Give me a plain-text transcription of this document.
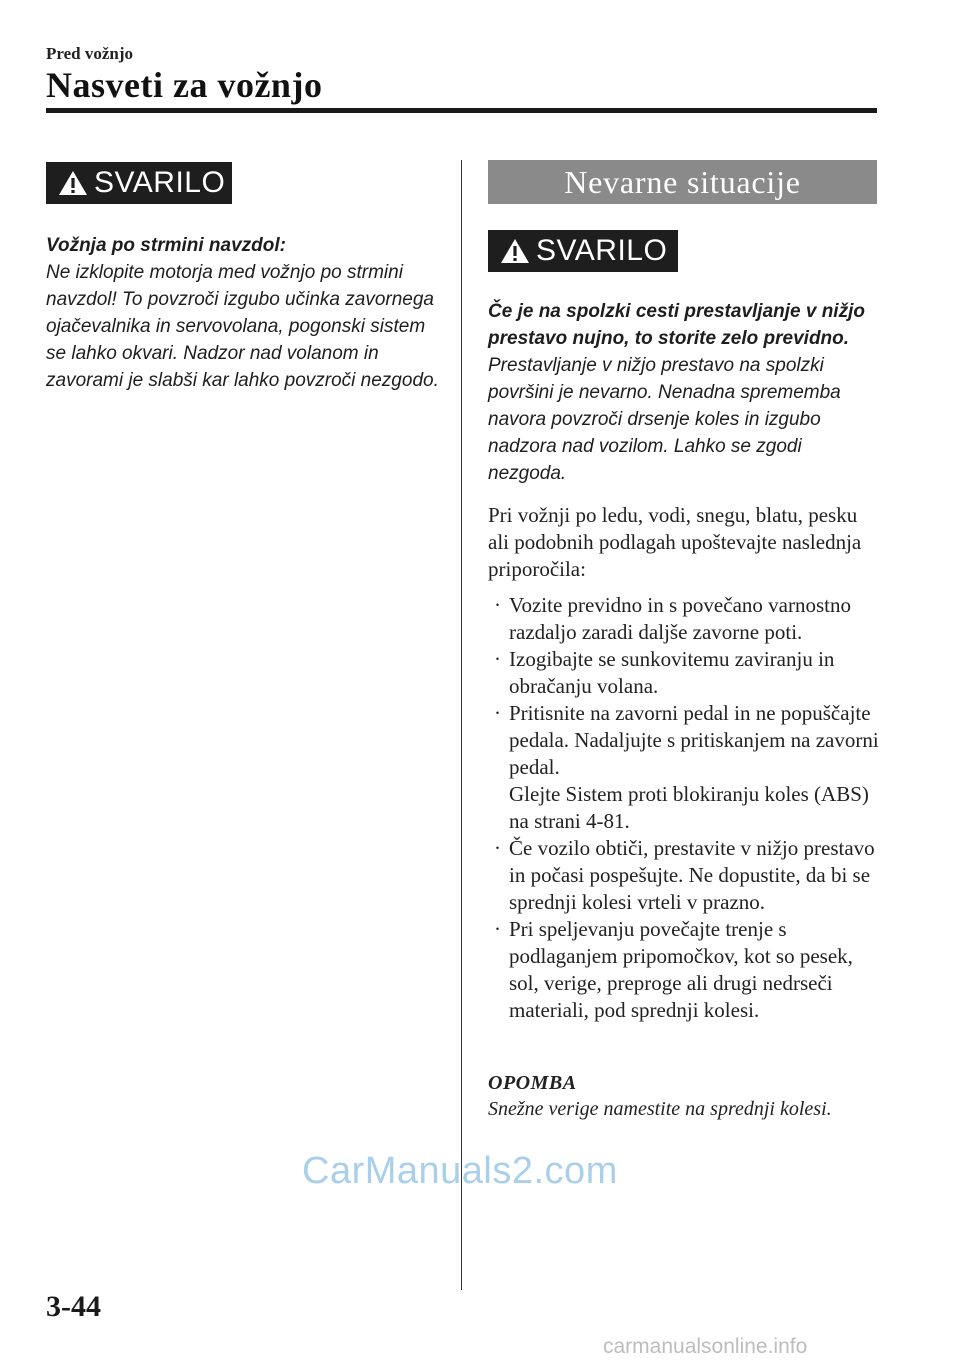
Pred vožnjo
Nasveti za vožnjo
SVARILO
Vožnja po strmini navzdol:
Ne izklopite motorja med vožnjo po strmini navzdol! To povzroči izgubo učinka zavornega ojačevalnika in servovolana, pogonski sistem se lahko okvari. Nadzor nad volanom in zavorami je slabši kar lahko povzroči nezgodo.
Nevarne situacije
SVARILO
Če je na spolzki cesti prestavljanje v nižjo prestavo nujno, to storite zelo previdno.
Prestavljanje v nižjo prestavo na spolzki površini je nevarno. Nenadna sprememba navora povzroči drsenje koles in izgubo nadzora nad vozilom. Lahko se zgodi nezgoda.
Pri vožnji po ledu, vodi, snegu, blatu, pesku ali podobnih podlagah upoštevajte naslednja priporočila:
· Vozite previdno in s povečano varnostno razdaljo zaradi daljše zavorne poti.
· Izogibajte se sunkovitemu zaviranju in obračanju volana.
· Pritisnite na zavorni pedal in ne popuščajte pedala. Nadaljujte s pritiskanjem na zavorni pedal.
Glejte Sistem proti blokiranju koles (ABS) na strani 4-81.
· Če vozilo obtiči, prestavite v nižjo prestavo in počasi pospešujte. Ne dopustite, da bi se sprednji kolesi vrteli v prazno.
· Pri speljevanju povečajte trenje s podlaganjem pripomočkov, kot so pesek, sol, verige, preproge ali drugi nedrseči materiali, pod sprednji kolesi.
OPOMBA
Snežne verige namestite na sprednji kolesi.
CarManuals2.com
3-44
carmanualsonline.info
